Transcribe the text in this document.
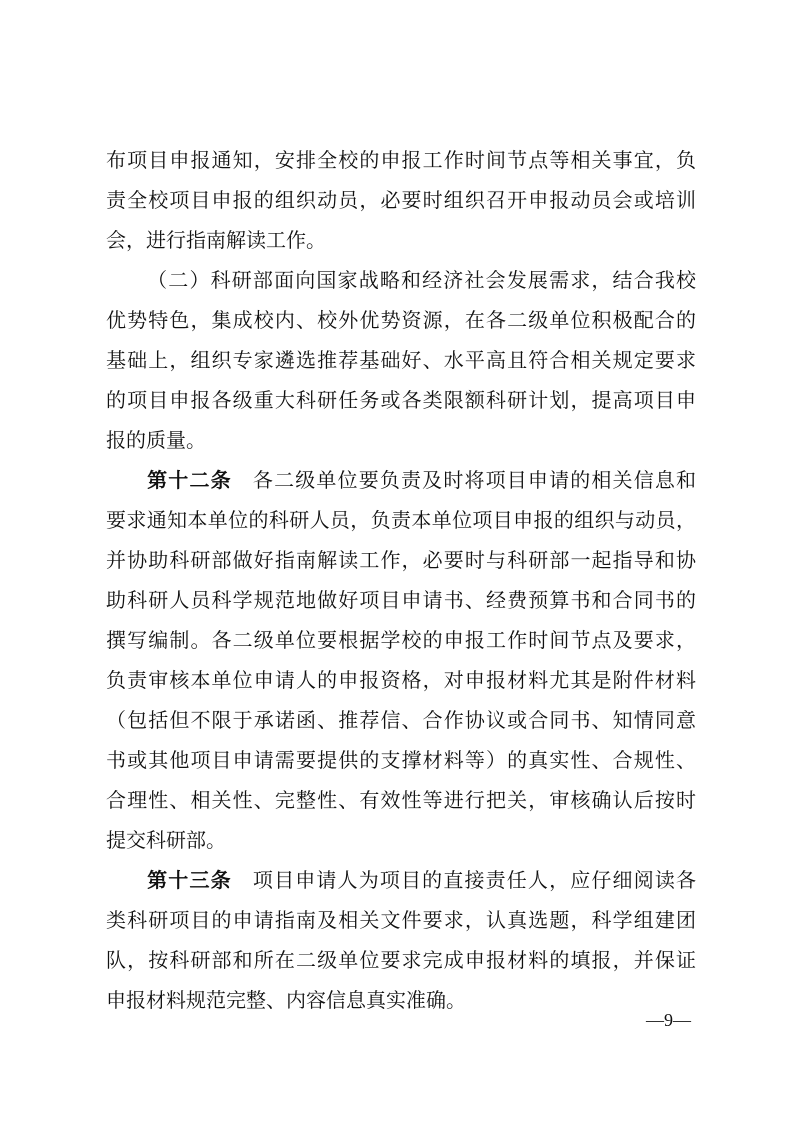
布项目申报通知，安排全校的申报工作时间节点等相关事宜，负
责全校项目申报的组织动员，必要时组织召开申报动员会或培训
会，进行指南解读工作。
（二）科研部面向国家战略和经济社会发展需求，结合我校
优势特色，集成校内、校外优势资源，在各二级单位积极配合的
基础上，组织专家遴选推荐基础好、水平高且符合相关规定要求
的项目申报各级重大科研任务或各类限额科研计划，提高项目申
报的质量。
第十二条  各二级单位要负责及时将项目申请的相关信息和
要求通知本单位的科研人员，负责本单位项目申报的组织与动员，
并协助科研部做好指南解读工作，必要时与科研部一起指导和协
助科研人员科学规范地做好项目申请书、经费预算书和合同书的
撰写编制。各二级单位要根据学校的申报工作时间节点及要求，
负责审核本单位申请人的申报资格，对申报材料尤其是附件材料
（包括但不限于承诺函、推荐信、合作协议或合同书、知情同意
书或其他项目申请需要提供的支撑材料等）的真实性、合规性、
合理性、相关性、完整性、有效性等进行把关，审核确认后按时
提交科研部。
第十三条  项目申请人为项目的直接责任人，应仔细阅读各
类科研项目的申请指南及相关文件要求，认真选题，科学组建团
队，按科研部和所在二级单位要求完成申报材料的填报，并保证
申报材料规范完整、内容信息真实准确。
—9—
